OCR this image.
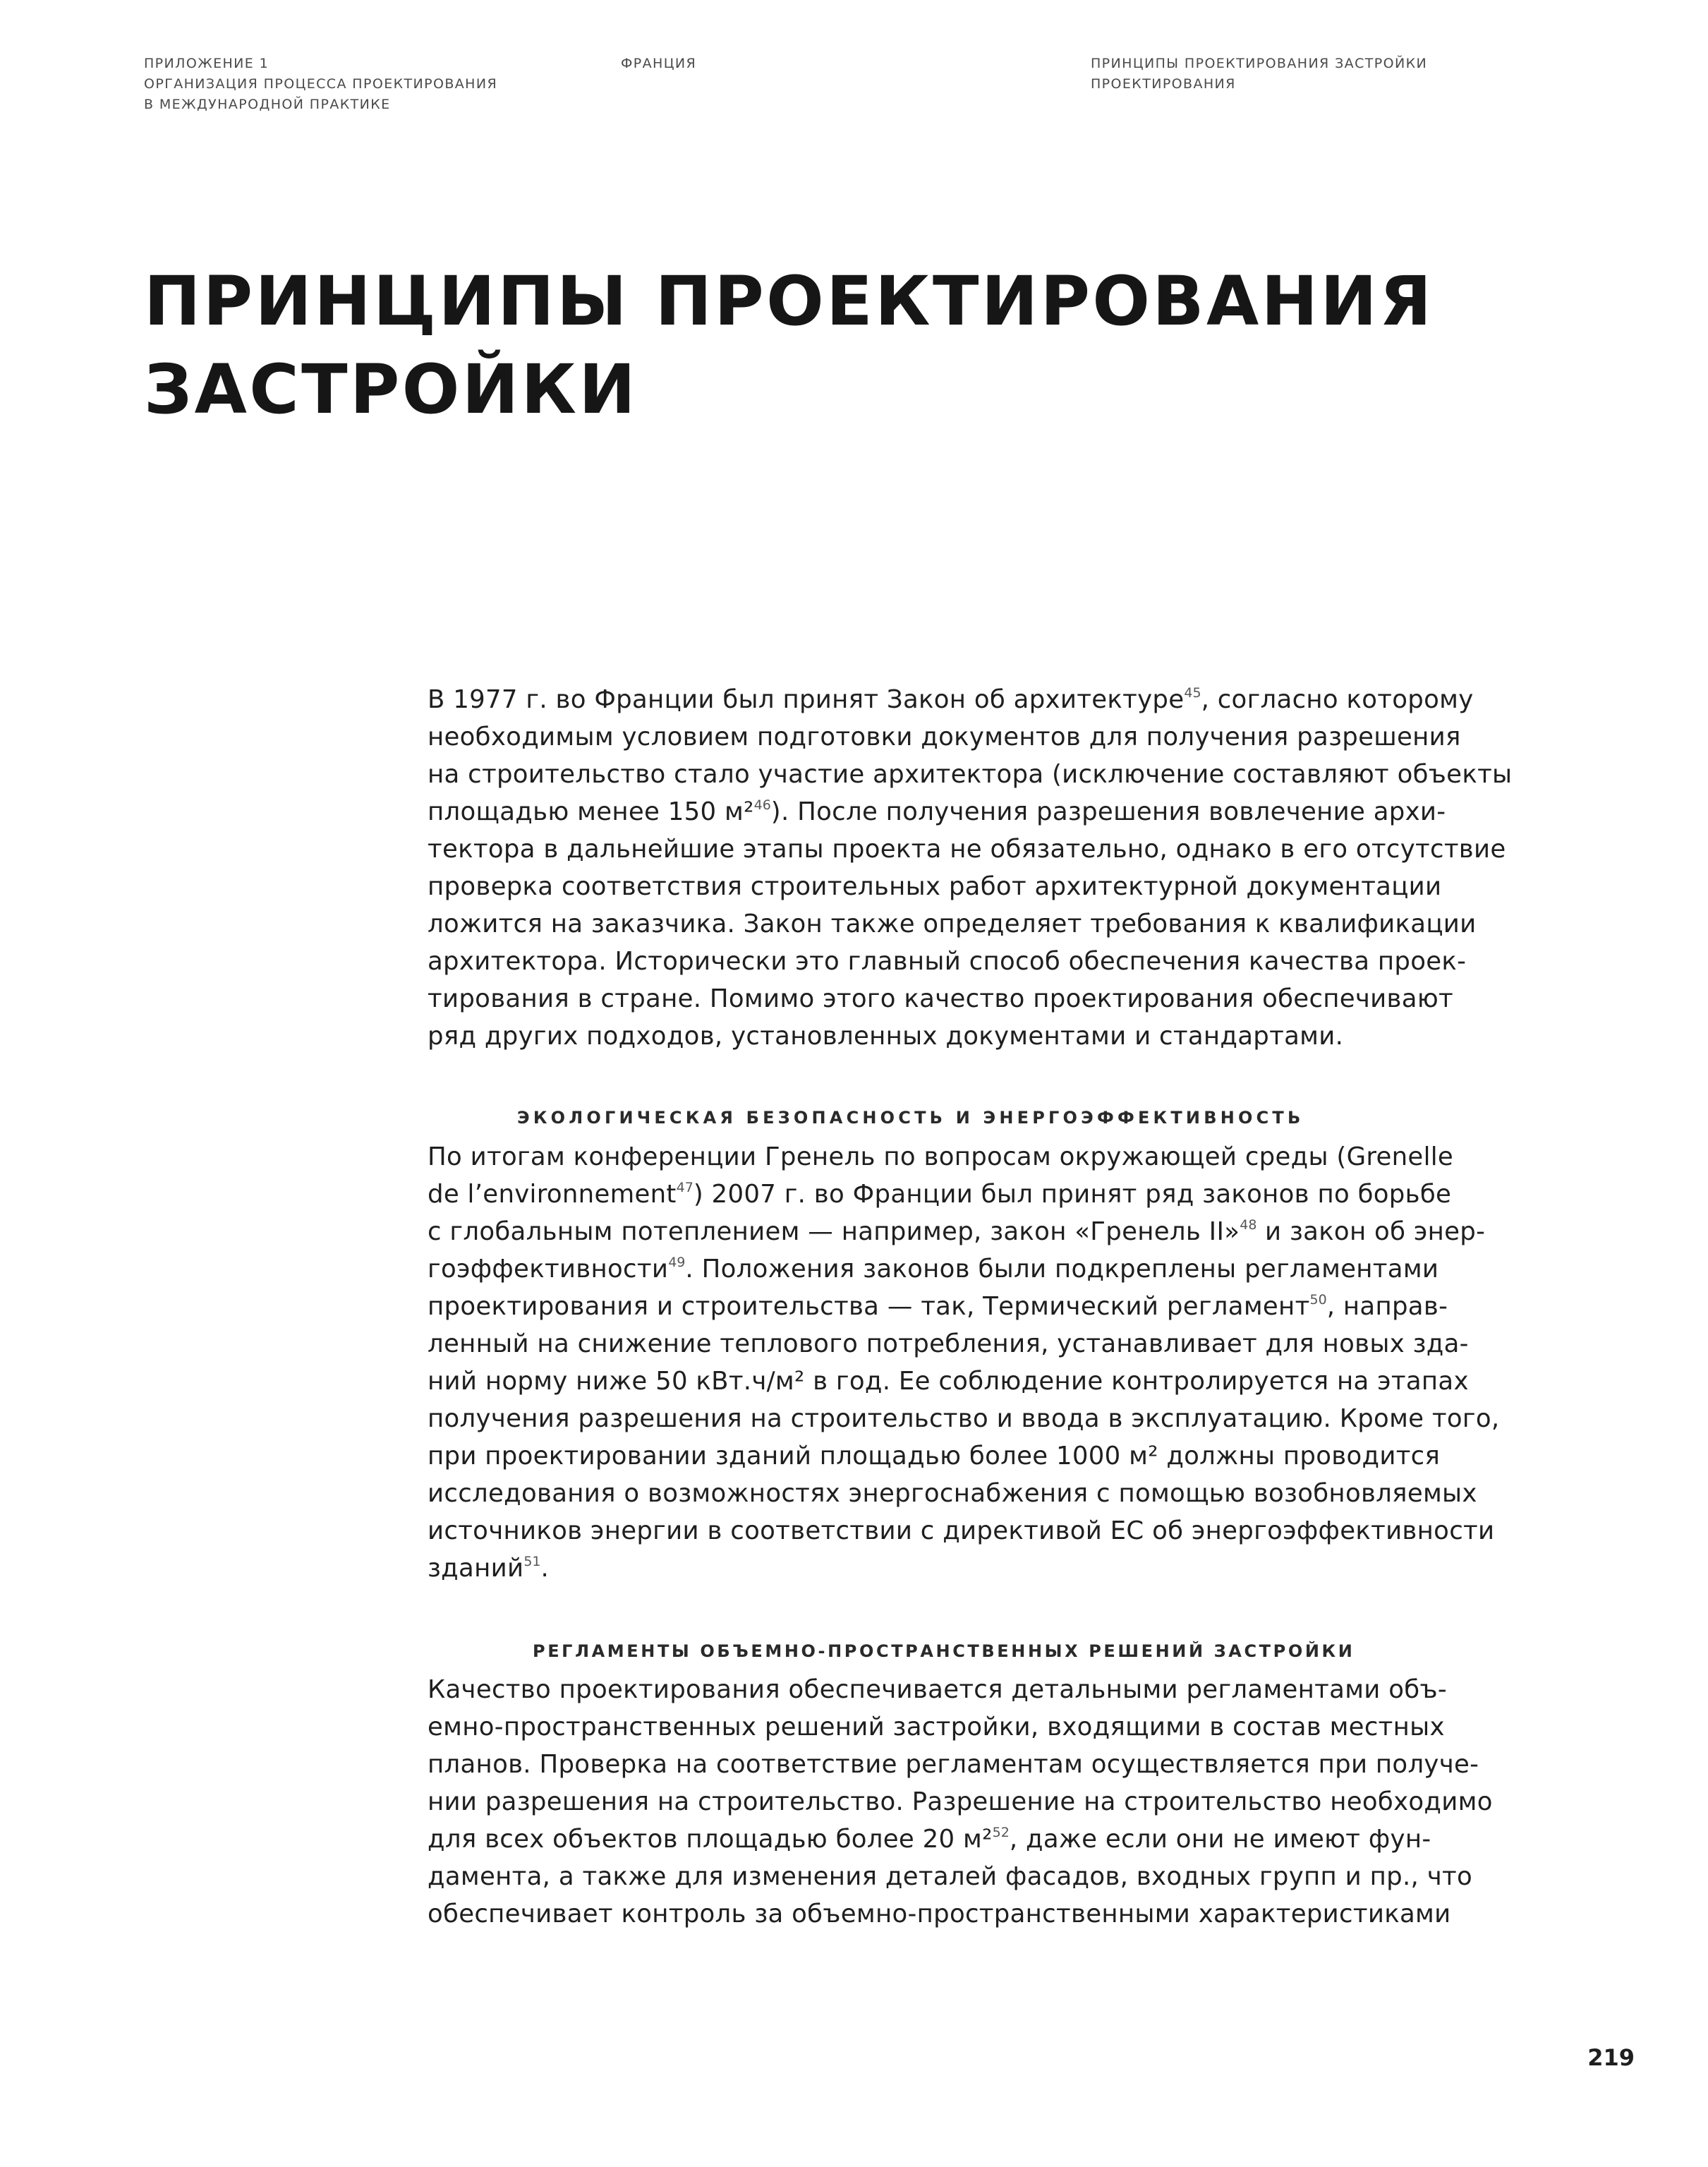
ПРИЛОЖЕНИЕ 1
ОРГАНИЗАЦИЯ ПРОЦЕССА ПРОЕКТИРОВАНИЯ
В МЕЖДУНАРОДНОЙ ПРАКТИКЕ
ФРАНЦИЯ	ПРИНЦИПЫ ПРОЕКТИРОВАНИЯ ЗАСТРОЙКИ
ПРОЕКТИРОВАНИЯ
ПРИНЦИПЫ ПРОЕКТИРОВАНИЯ
ЗАСТРОЙКИ
В 1977 г. во Франции был принят Закон об архитектуре$^{45}$, согласно которому
необходимым условием подготовки документов для получения разрешения
на строительство стало участие архитектора (исключение составляют объекты
площадью менее 150 м²$^{46}$). После получения разрешения вовлечение архи-
тектора в дальнейшие этапы проекта не обязательно, однако в его отсутствие
проверка соответствия строительных работ архитектурной документации
ложится на заказчика. Закон также определяет требования к квалификации
архитектора. Исторически это главный способ обеспечения качества проек-
тирования в стране. Помимо этого качество проектирования обеспечивают
ряд других подходов, установленных документами и стандартами.
ЭКОЛОГИЧЕСКАЯ БЕЗОПАСНОСТЬ И ЭНЕРГОЭФФЕКТИВНОСТЬ
По итогам конференции Гренель по вопросам окружающей среды (Grenelle
de l’environnement$^{47}$) 2007 г. во Франции был принят ряд законов по борьбе
с глобальным потеплением — например, закон «Гренель II»$^{48}$ и закон об энер-
гоэффективности$^{49}$. Положения законов были подкреплены регламентами
проектирования и строительства — так, Термический регламент$^{50}$, направ-
ленный на снижение теплового потребления, устанавливает для новых зда-
ний норму ниже 50 кВт.ч/м² в год. Ее соблюдение контролируется на этапах
получения разрешения на строительство и ввода в эксплуатацию. Кроме того,
при проектировании зданий площадью более 1000 м² должны проводится
исследования о возможностях энергоснабжения с помощью возобновляемых
источников энергии в соответствии с директивой ЕС об энергоэффективности
зданий$^{51}$.
РЕГЛАМЕНТЫ ОБЪЕМНО-ПРОСТРАНСТВЕННЫХ РЕШЕНИЙ ЗАСТРОЙКИ
Качество проектирования обеспечивается детальными регламентами объ-
емно-пространственных решений застройки, входящими в состав местных
планов. Проверка на соответствие регламентам осуществляется при получе-
нии разрешения на строительство. Разрешение на строительство необходимо
для всех объектов площадью более 20 м²$^{52}$, даже если они не имеют фун-
дамента, а также для изменения деталей фасадов, входных групп и пр., что
обеспечивает контроль за объемно-пространственными характеристиками
219
